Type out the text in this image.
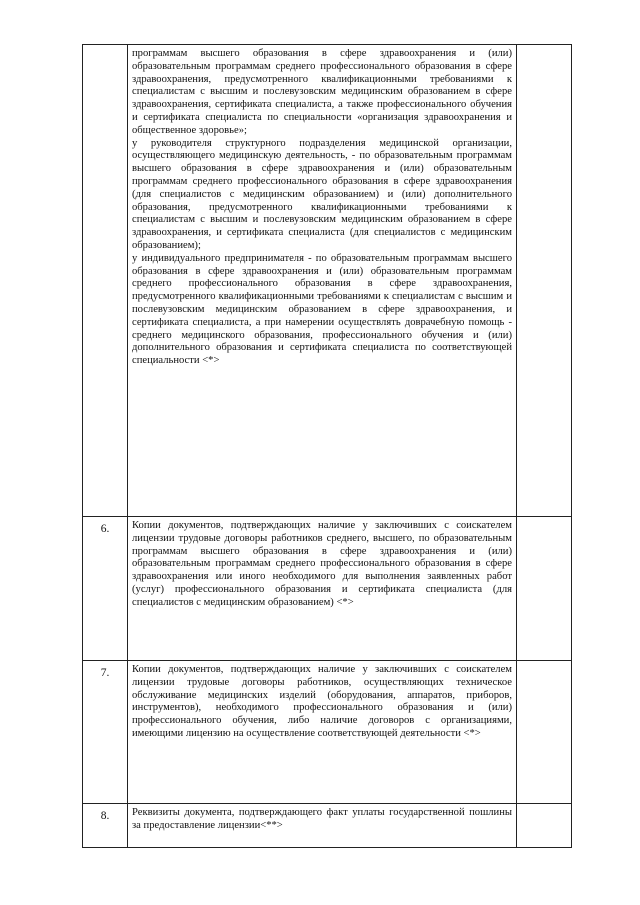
	программам высшего образования в сфере здравоохранения и (или) образовательным программам среднего профессионального образования в сфере здравоохранения, предусмотренного квалификационными требованиями к специалистам с высшим и послевузовским медицинским образованием в сфере здравоохранения, сертификата специалиста, а также профессионального обучения и сертификата специалиста по специальности «организация здравоохранения и общественное здоровье»;

у руководителя структурного подразделения медицинской организации, осуществляющего медицинскую деятельность, - по образовательным программам высшего образования в сфере здравоохранения и (или) образовательным программам среднего профессионального образования в сфере здравоохранения (для специалистов с медицинским образованием) и (или) дополнительного образования, предусмотренного квалификационными требованиями к специалистам с высшим и послевузовским медицинским образованием в сфере здравоохранения, и сертификата специалиста (для специалистов с медицинским образованием);

у индивидуального предпринимателя - по образовательным программам высшего образования в сфере здравоохранения и (или) образовательным программам среднего профессионального образования в сфере здравоохранения, предусмотренного квалификационными требованиями к специалистам с высшим и послевузовским медицинским образованием в сфере здравоохранения, и сертификата специалиста, а при намерении осуществлять доврачебную помощь - среднего медицинского образования, профессионального обучения и (или) дополнительного образования и сертификата специалиста по соответствующей специальности <*>	

6.	Копии документов, подтверждающих наличие у заключивших с соискателем лицензии трудовые договоры работников среднего, высшего, по образовательным программам высшего образования в сфере здравоохранения и (или) образовательным программам среднего профессионального образования в сфере здравоохранения или иного необходимого для выполнения заявленных работ (услуг) профессионального образования и сертификата специалиста (для специалистов с медицинским образованием) <*>	

7.	Копии документов, подтверждающих наличие у заключивших с соискателем лицензии трудовые договоры работников, осуществляющих техническое обслуживание медицинских изделий (оборудования, аппаратов, приборов, инструментов), необходимого профессионального образования и (или) профессионального обучения, либо наличие договоров с организациями, имеющими лицензию на осуществление соответствующей деятельности <*>	

8.	Реквизиты документа, подтверждающего факт уплаты государственной пошлины за предоставление лицензии<**>	
